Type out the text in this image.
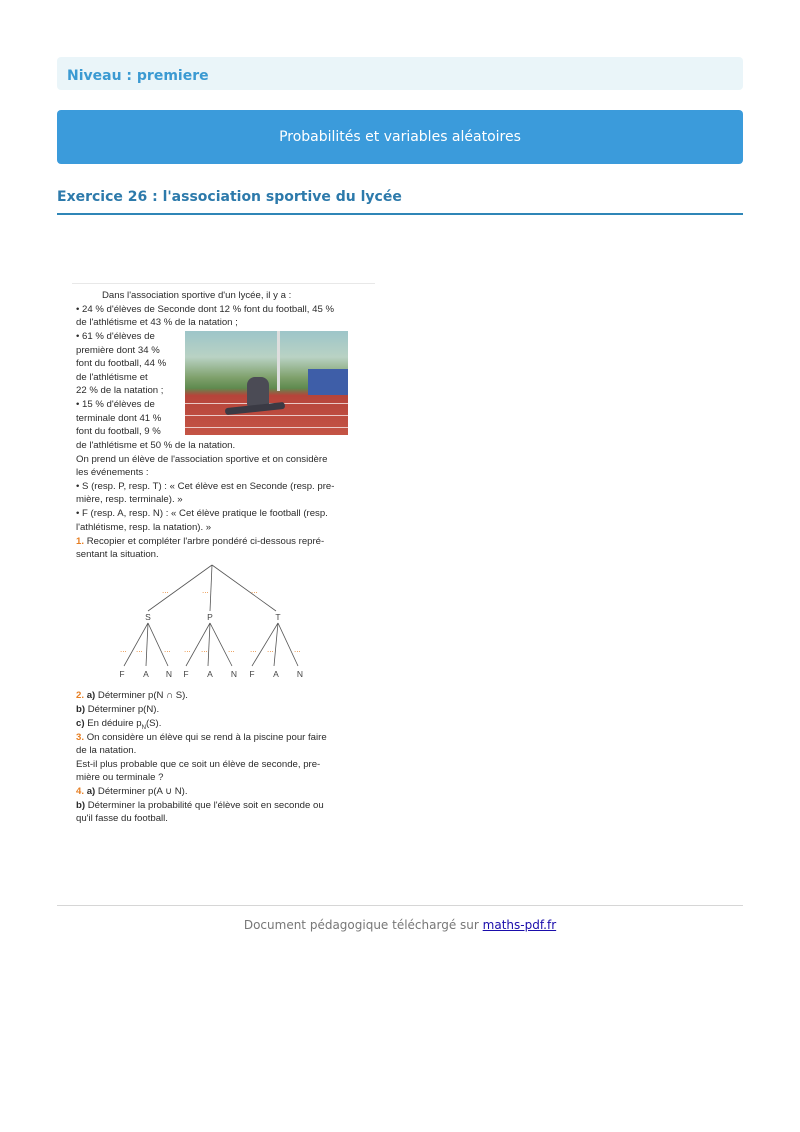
Niveau : premiere
Probabilités et variables aléatoires
Exercice 26 : l'association sportive du lycée
Dans l'association sportive d'un lycée, il y a :
• 24 % d'élèves de Seconde dont 12 % font du football, 45 %
de l'athlétisme et 43 % de la natation ;
• 61 % d'élèves de
première dont 34 %
font du football, 44 %
de l'athlétisme et
22 % de la natation ;
• 15 % d'élèves de
terminale dont 41 %
font du football, 9 %
de l'athlétisme et 50 % de la natation.
On prend un élève de l'association sportive et on considère
les événements :
• S (resp. P, resp. T) : « Cet élève est en Seconde (resp. pre-
mière, resp. terminale). »
• F (resp. A, resp. N) : « Cet élève pratique le football (resp.
l'athlétisme, resp. la natation). »
1. Recopier et compléter l'arbre pondéré ci-dessous repré-
sentant la situation.
...	...	...
... ...	... ... ...	... ... ...	...
S	P	T
F A N F A N F A N
2. a) Déterminer p(N ∩ S).
b) Déterminer p(N).
c) En déduire $p_N(S)$.
3. On considère un élève qui se rend à la piscine pour faire
de la natation.
Est-il plus probable que ce soit un élève de seconde, pre-
mière ou terminale ?
4. a) Déterminer p(A ∪ N).
b) Déterminer la probabilité que l'élève soit en seconde ou
qu'il fasse du football.
Document pédagogique téléchargé sur maths-pdf.fr
